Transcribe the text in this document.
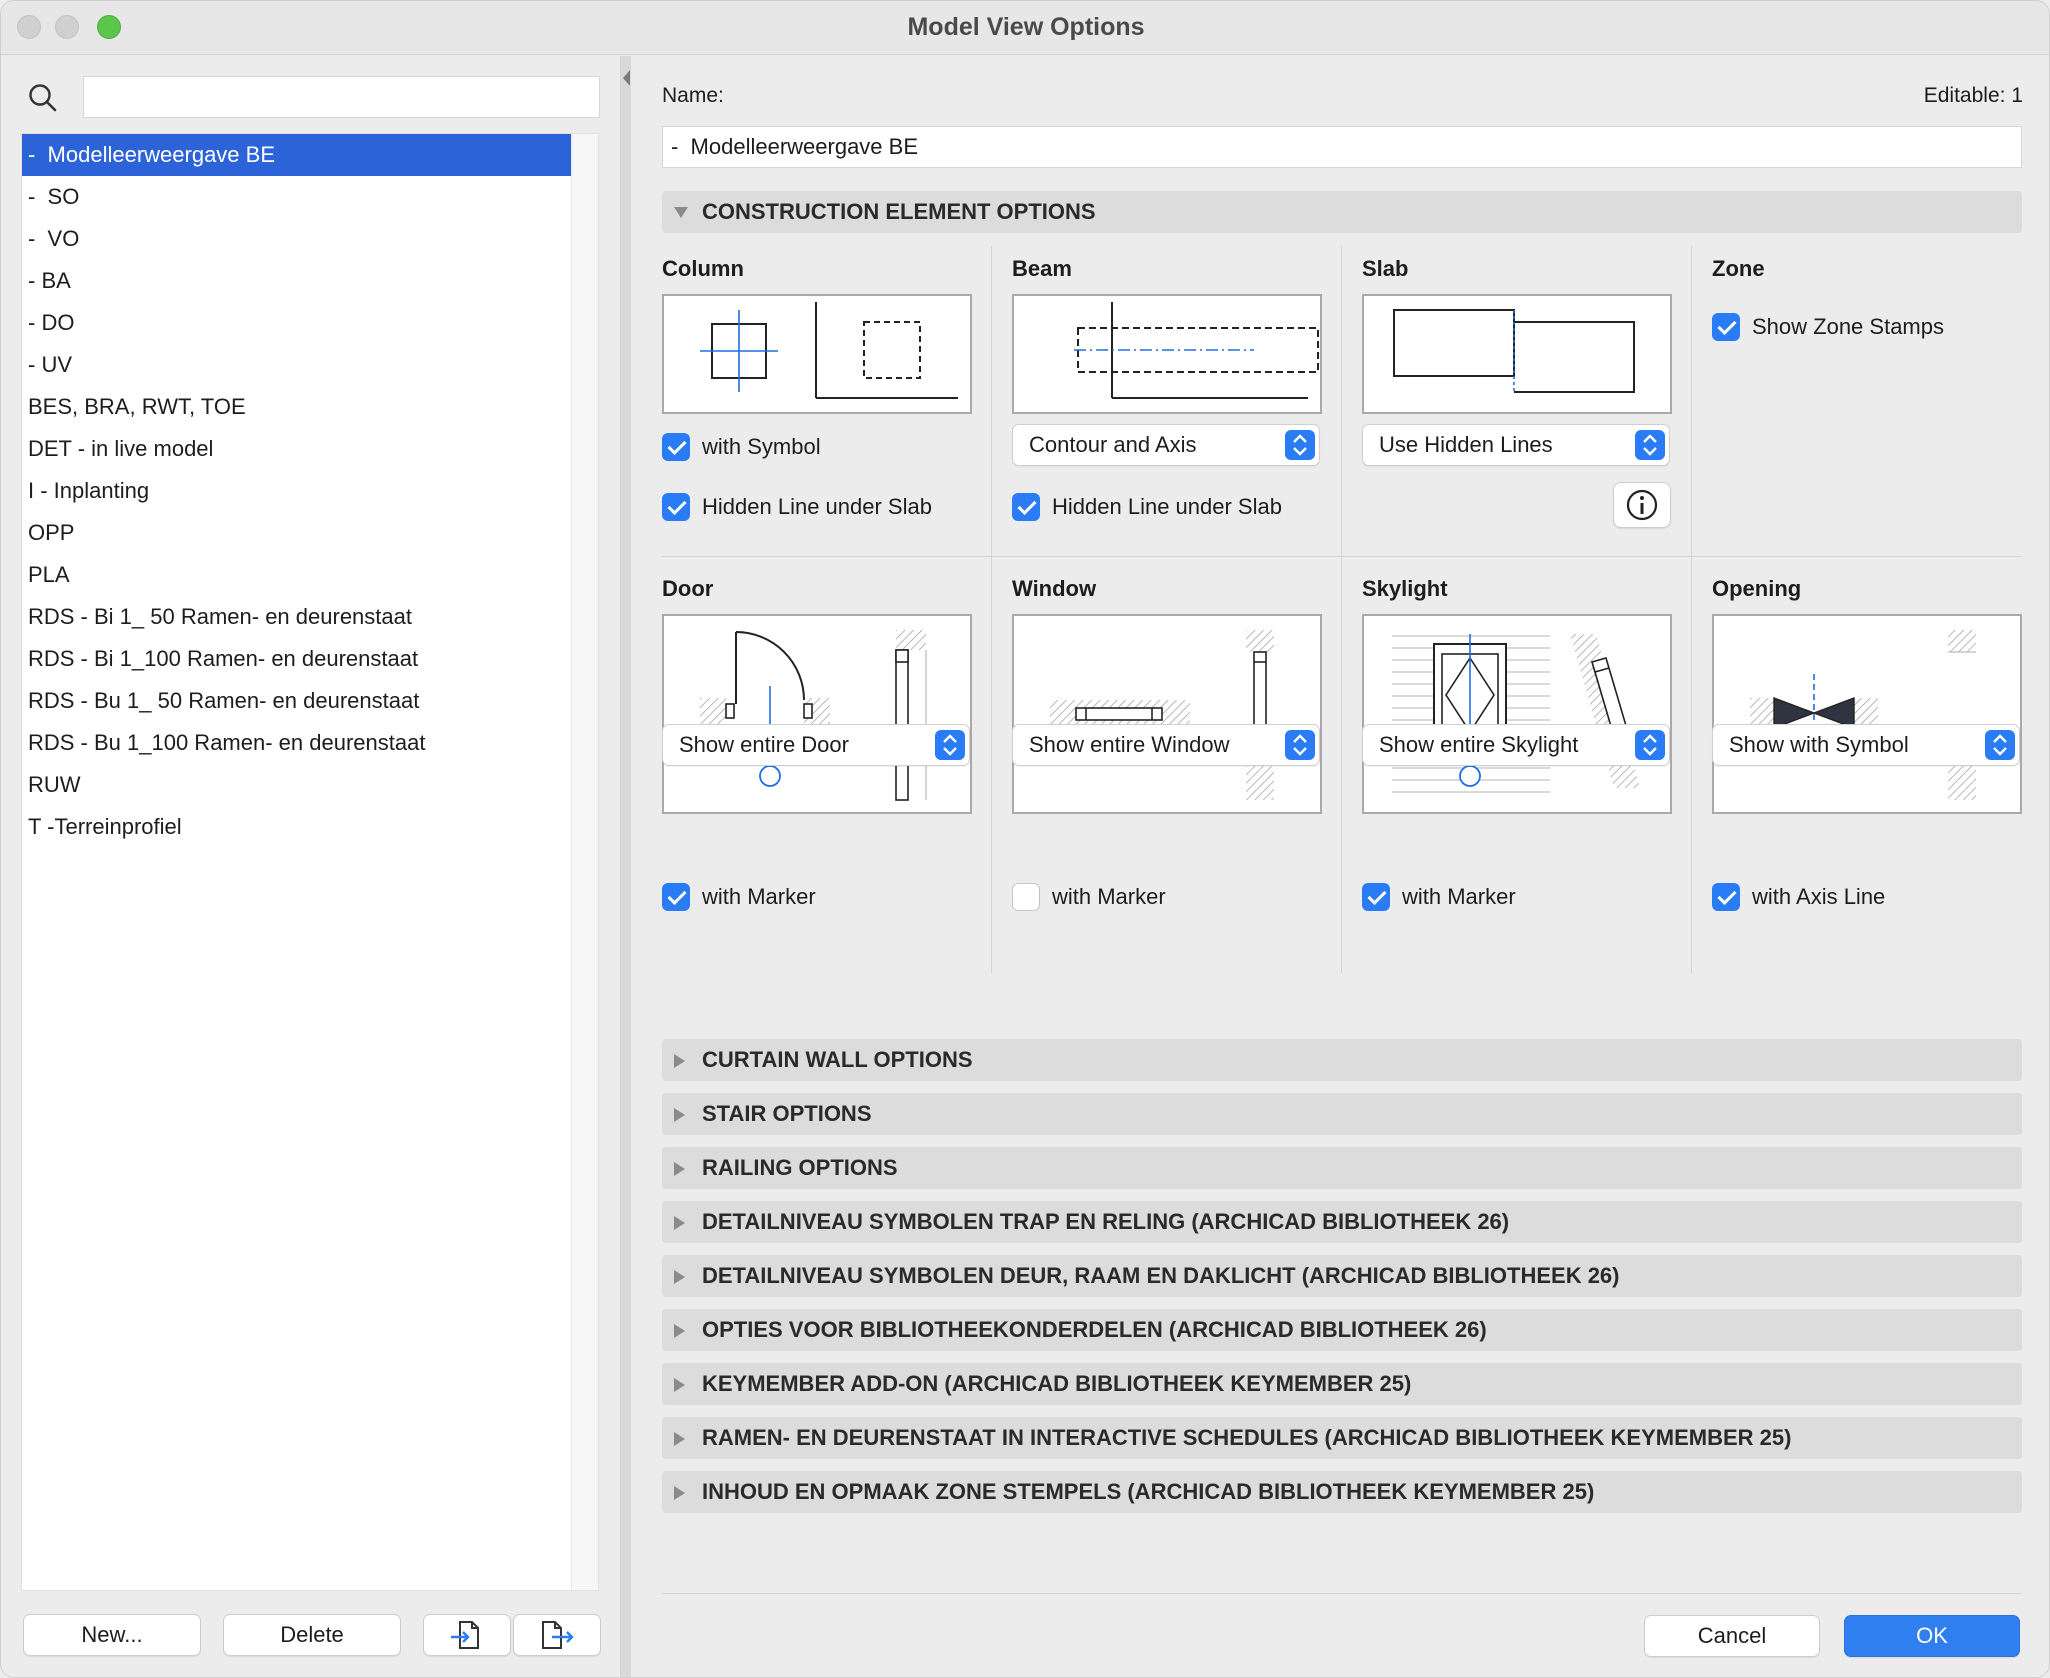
Model View Options
-  Modelleerweergave BE
-  SO
-  VO
- BA
- DO
- UV
BES, BRA, RWT, TOE
DET - in live model
I - Inplanting
OPP
PLA
RDS - Bi 1_ 50 Ramen- en deurenstaat
RDS - Bi 1_100 Ramen- en deurenstaat
RDS - Bu 1_ 50 Ramen- en deurenstaat
RDS - Bu 1_100 Ramen- en deurenstaat
RUW
T -Terreinprofiel
New...	Delete
Name:	Editable: 1
-  Modelleerweergave BE
CONSTRUCTION ELEMENT OPTIONS
Column
with Symbol
Hidden Line under Slab
Beam
Contour and Axis
Hidden Line under Slab
Slab
Use Hidden Lines
Zone
Show Zone Stamps
Door
Show entire Door
with Marker
Window
Show entire Window
with Marker
Skylight
Show entire Skylight
with Marker
Opening
Show with Symbol
with Axis Line
CURTAIN WALL OPTIONS
STAIR OPTIONS
RAILING OPTIONS
DETAILNIVEAU SYMBOLEN TRAP EN RELING (ARCHICAD BIBLIOTHEEK 26)
DETAILNIVEAU SYMBOLEN DEUR, RAAM EN DAKLICHT (ARCHICAD BIBLIOTHEEK 26)
OPTIES VOOR BIBLIOTHEEKONDERDELEN (ARCHICAD BIBLIOTHEEK 26)
KEYMEMBER ADD-ON (ARCHICAD BIBLIOTHEEK KEYMEMBER 25)
RAMEN- EN DEURENSTAAT IN INTERACTIVE SCHEDULES (ARCHICAD BIBLIOTHEEK KEYMEMBER 25)
INHOUD EN OPMAAK ZONE STEMPELS (ARCHICAD BIBLIOTHEEK KEYMEMBER 25)
Cancel	OK
